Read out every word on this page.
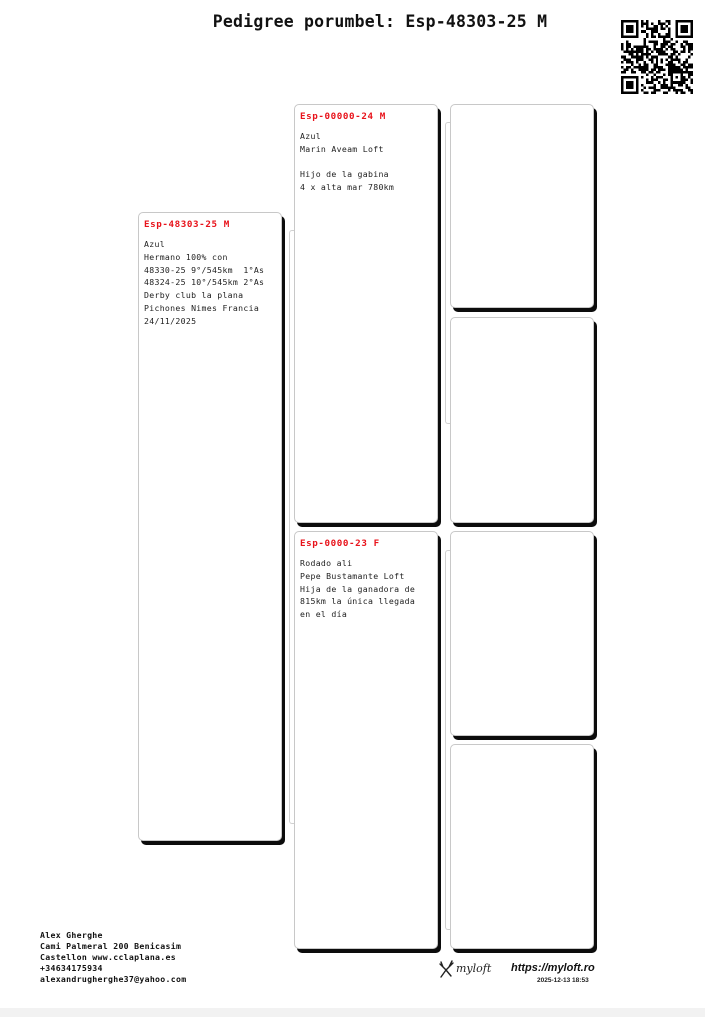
Pedigree porumbel: Esp-48303-25 M
Esp-48303-25 M
Azul
Hermano 100% con
48330-25 9°/545km  1°As
48324-25 10°/545km 2°As
Derby club la plana
Pichones Nimes Francia
24/11/2025
Esp-00000-24 M
Azul
Marin Aveam Loft

Hijo de la gabina
4 x alta mar 780km
Esp-0000-23 F
Rodado ali
Pepe Bustamante Loft
Hija de la ganadora de
815km la única llegada
en el día
Alex Gherghe
Cami Palmeral 200 Benicasim
Castellon www.cclaplana.es
+34634175934
alexandrugherghe37@yahoo.com
myloft https://myloft.ro
2025-12-13 18:53
